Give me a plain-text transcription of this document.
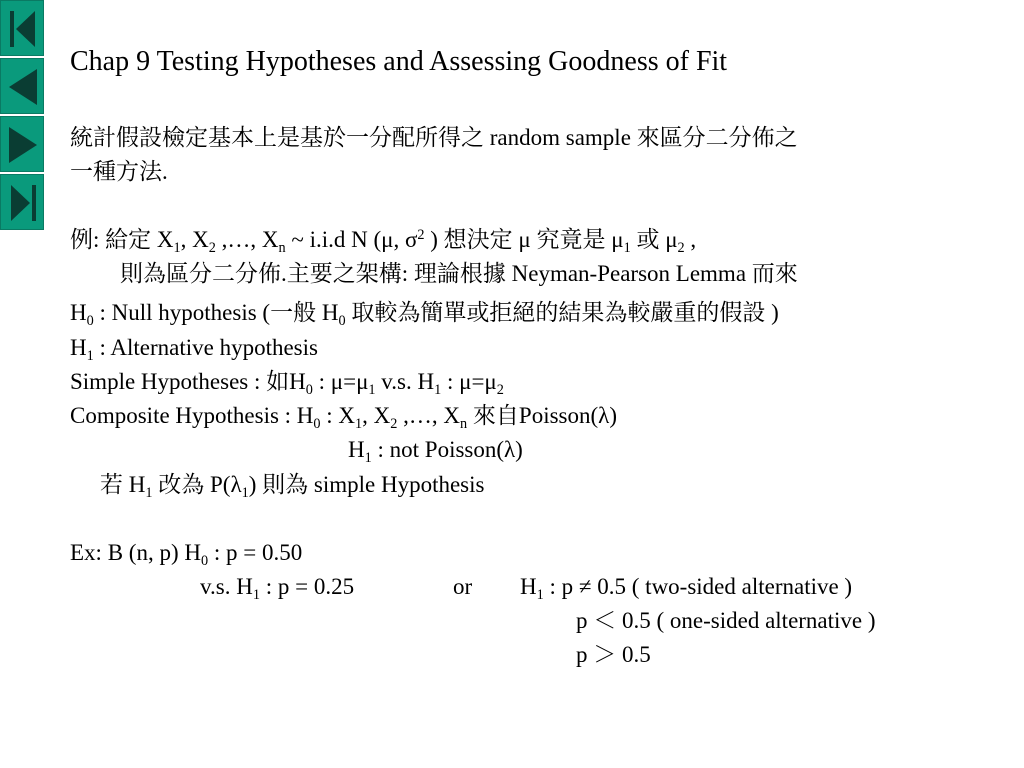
Chap 9 Testing Hypotheses and Assessing Goodness of Fit
統計假設檢定基本上是基於一分配所得之 random sample 來區分二分佈之
一種方法.
例: 給定 $X_1$, $X_2$ ,…, $X_n$ ~ i.i.d N (μ, $\sigma^2$ ) 想決定 μ 究竟是 $\mu_1$ 或 $\mu_2$ ,
則為區分二分佈.主要之架構: 理論根據 Neyman-Pearson Lemma 而來
$H_0$ : Null hypothesis (一般 $H_0$ 取較為簡單或拒絕的結果為較嚴重的假設 )
$H_1$ : Alternative hypothesis
Simple Hypotheses : 如$H_0$ : $\mu=\mu_1$ v.s. $H_1$ : $\mu=\mu_2$
Composite Hypothesis : $H_0$ : $X_1$, $X_2$ ,…, $X_n$ 來自Poisson(λ)
$H_1$ : not Poisson(λ)
若 $H_1$ 改為 $P(\lambda_1)$ 則為 simple Hypothesis
Ex: B (n, p) $H_0$ : p = 0.50
v.s. $H_1$ : p = 0.25	or $H_1$ : p ≠ 0.5 ( two-sided alternative )
p ＜ 0.5 ( one-sided alternative )
p ＞ 0.5
